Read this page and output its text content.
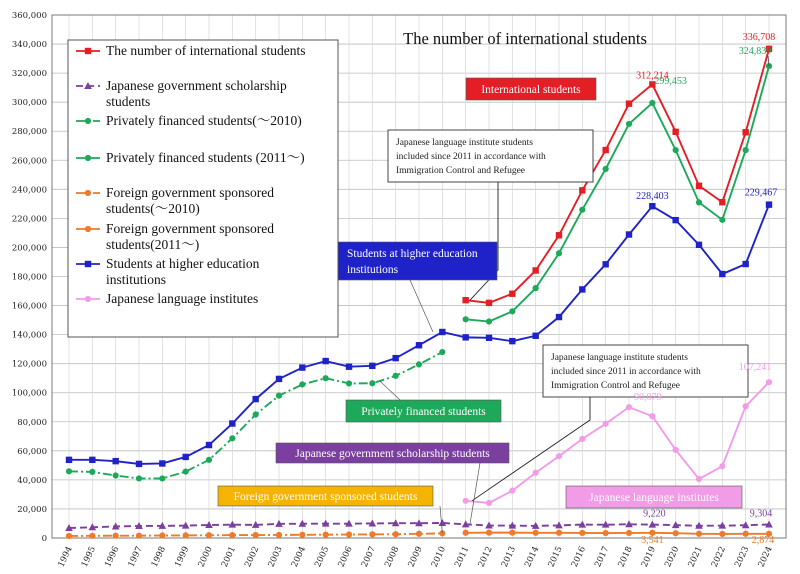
0
20,000
40,000
60,000
80,000
100,000
120,000
140,000
160,000
180,000
200,000
220,000
240,000
260,000
280,000
300,000
320,000
340,000
360,000
1994 1995 1996 1997 1998 1999 2000 2001 2002 2003 2004 2005 2006 2007 2008 2009 2010 2011 2012 2013 2014 2015 2016 2017 2018 2019 2020 2021 2022 2023 2024
The number of international students
Japanese language institute students
included since 2011 in accordance with
Immigration Control and Refugee
Japanese language institute students
included since 2011 in accordance with
Immigration Control and Refugee
International students
Students at higher education
institutions
Privately financed students
Japanese government scholarship students
Foreign government sponsored students	Japanese language institutes
312,214
336,708
299,453
324,839
228,403	229,467
90,079
107,241
9,220	9,304
3,541	2,874
The number of international students
Japanese government scholarship
students
Privately financed students(～2010)
Privately financed students (2011～)
Foreign government sponsored
students(～2010)
Foreign government sponsored
students(2011～)
Students at higher education
institutions
Japanese language institutes
